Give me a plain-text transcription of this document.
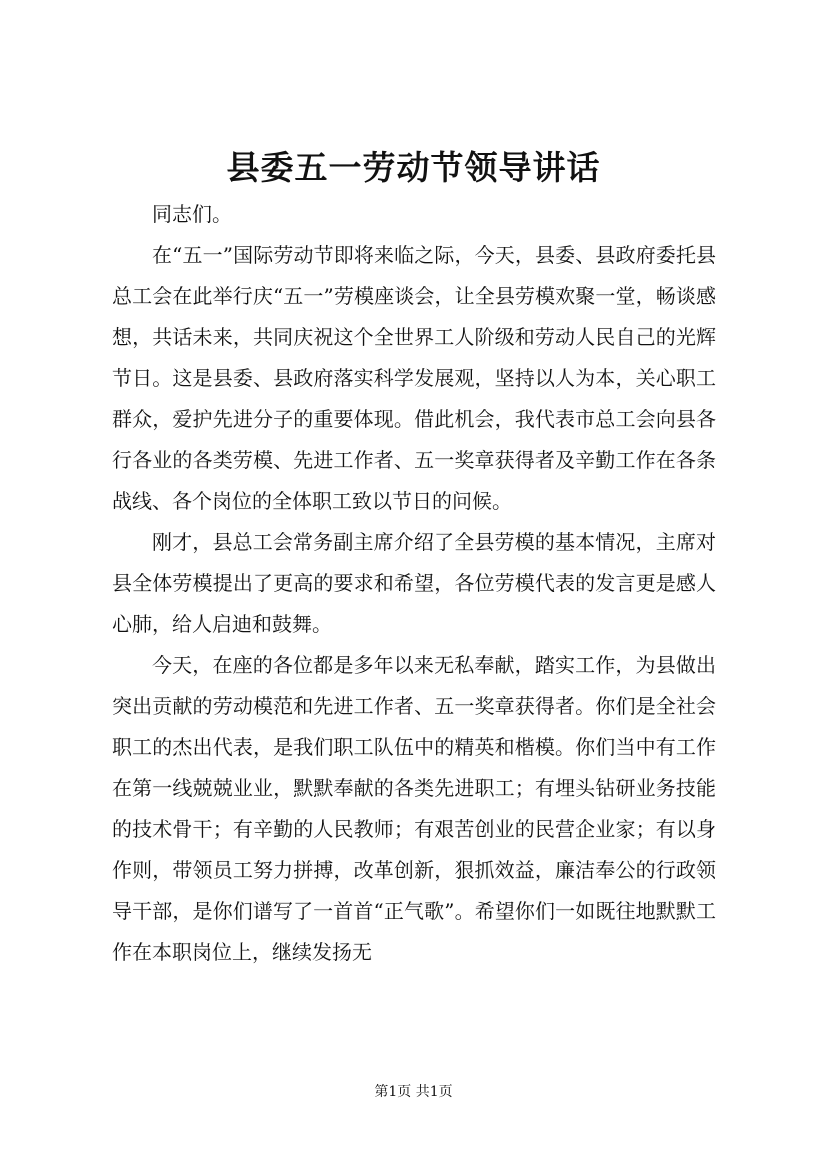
县委五一劳动节领导讲话

同志们。

在“五一”国际劳动节即将来临之际，今天，县委、县政府委托县总工会在此举行庆“五一”劳模座谈会，让全县劳模欢聚一堂，畅谈感想，共话未来，共同庆祝这个全世界工人阶级和劳动人民自己的光辉节日。这是县委、县政府落实科学发展观，坚持以人为本，关心职工群众，爱护先进分子的重要体现。借此机会，我代表市总工会向县各行各业的各类劳模、先进工作者、五一奖章获得者及辛勤工作在各条战线、各个岗位的全体职工致以节日的问候。

刚才，县总工会常务副主席介绍了全县劳模的基本情况，主席对县全体劳模提出了更高的要求和希望，各位劳模代表的发言更是感人心肺，给人启迪和鼓舞。

今天，在座的各位都是多年以来无私奉献，踏实工作，为县做出突出贡献的劳动模范和先进工作者、五一奖章获得者。你们是全社会职工的杰出代表，是我们职工队伍中的精英和楷模。你们当中有工作在第一线兢兢业业，默默奉献的各类先进职工；有埋头钻研业务技能的技术骨干；有辛勤的人民教师；有艰苦创业的民营企业家；有以身作则，带领员工努力拼搏，改革创新，狠抓效益，廉洁奉公的行政领导干部，是你们谱写了一首首“正气歌”。希望你们一如既往地默默工作在本职岗位上，继续发扬无

第1页 共1页
